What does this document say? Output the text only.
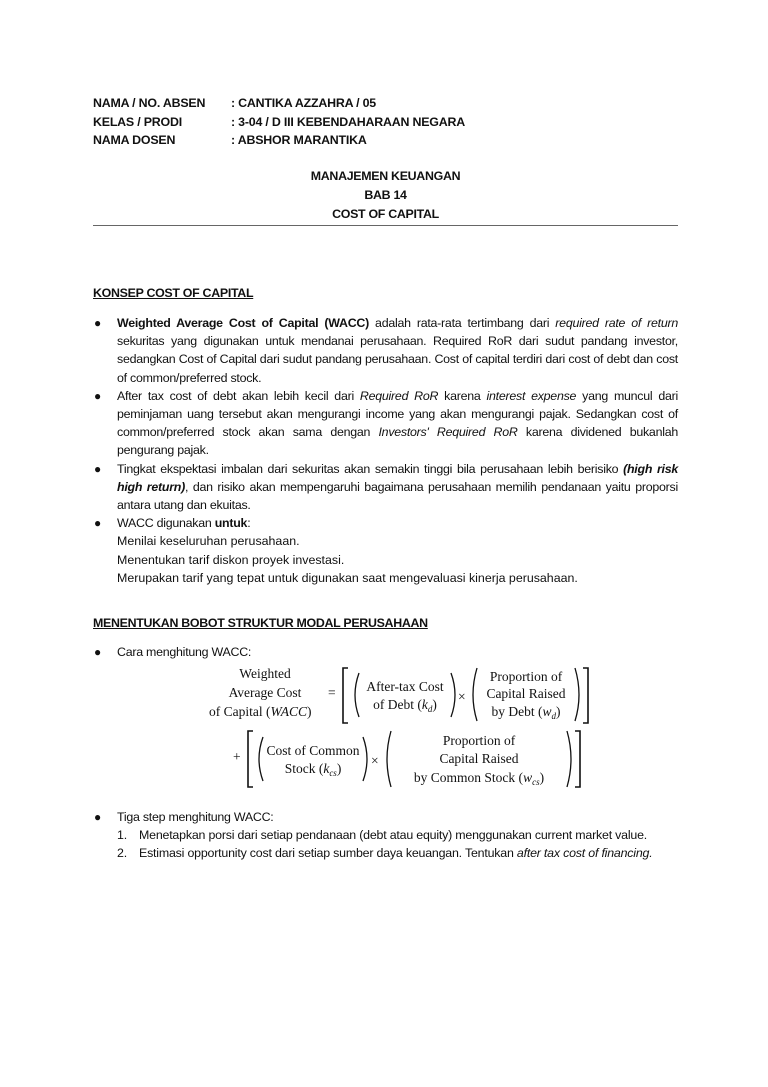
NAMA / NO. ABSEN : CANTIKA AZZAHRA / 05
KELAS / PRODI	: 3-04 / D III KEBENDAHARAAN NEGARA
NAMA DOSEN	: ABSHOR MARANTIKA
MANAJEMEN KEUANGAN
BAB 14
COST OF CAPITAL
KONSEP COST OF CAPITAL
● Weighted Average Cost of Capital (WACC) adalah rata-rata tertimbang dari required rate of return sekuritas yang digunakan untuk mendanai perusahaan. Required RoR dari sudut pandang investor, sedangkan Cost of Capital dari sudut pandang perusahaan. Cost of capital terdiri dari cost of debt dan cost of common/preferred stock.

● After tax cost of debt akan lebih kecil dari Required RoR karena interest expense yang muncul dari peminjaman uang tersebut akan mengurangi income yang akan mengurangi pajak. Sedangkan cost of common/preferred stock akan sama dengan Investors' Required RoR karena dividened bukanlah pengurang pajak.

● Tingkat ekspektasi imbalan dari sekuritas akan semakin tinggi bila perusahaan lebih berisiko (high risk high return), dan risiko akan mempengaruhi bagaimana perusahaan memilih pendanaan yaitu proporsi antara utang dan ekuitas.

● WACC digunakan untuk:

Menilai keseluruhan perusahaan.
Menentukan tarif diskon proyek investasi.
Merupakan tarif yang tepat untuk digunakan saat mengevaluasi kinerja perusahaan.
MENENTUKAN BOBOT STRUKTUR MODAL PERUSAHAAN
● Cara menghitung WACC:

Weighted
Average Cost
of Capital (WACC)
= After-tax Cost
of Debt $(k_d)$
×
Proportion of
Capital Raised
by Debt $(w_d)$
+ Cost of Common
Stock $(k_{cs})$
×
Proportion of
Capital Raised
by Common Stock $(w_{cs})$
● Tiga step menghitung WACC:

1. Menetapkan porsi dari setiap pendanaan (debt atau equity) menggunakan current market value.
2. Estimasi opportunity cost dari setiap sumber daya keuangan. Tentukan after tax cost of financing.
